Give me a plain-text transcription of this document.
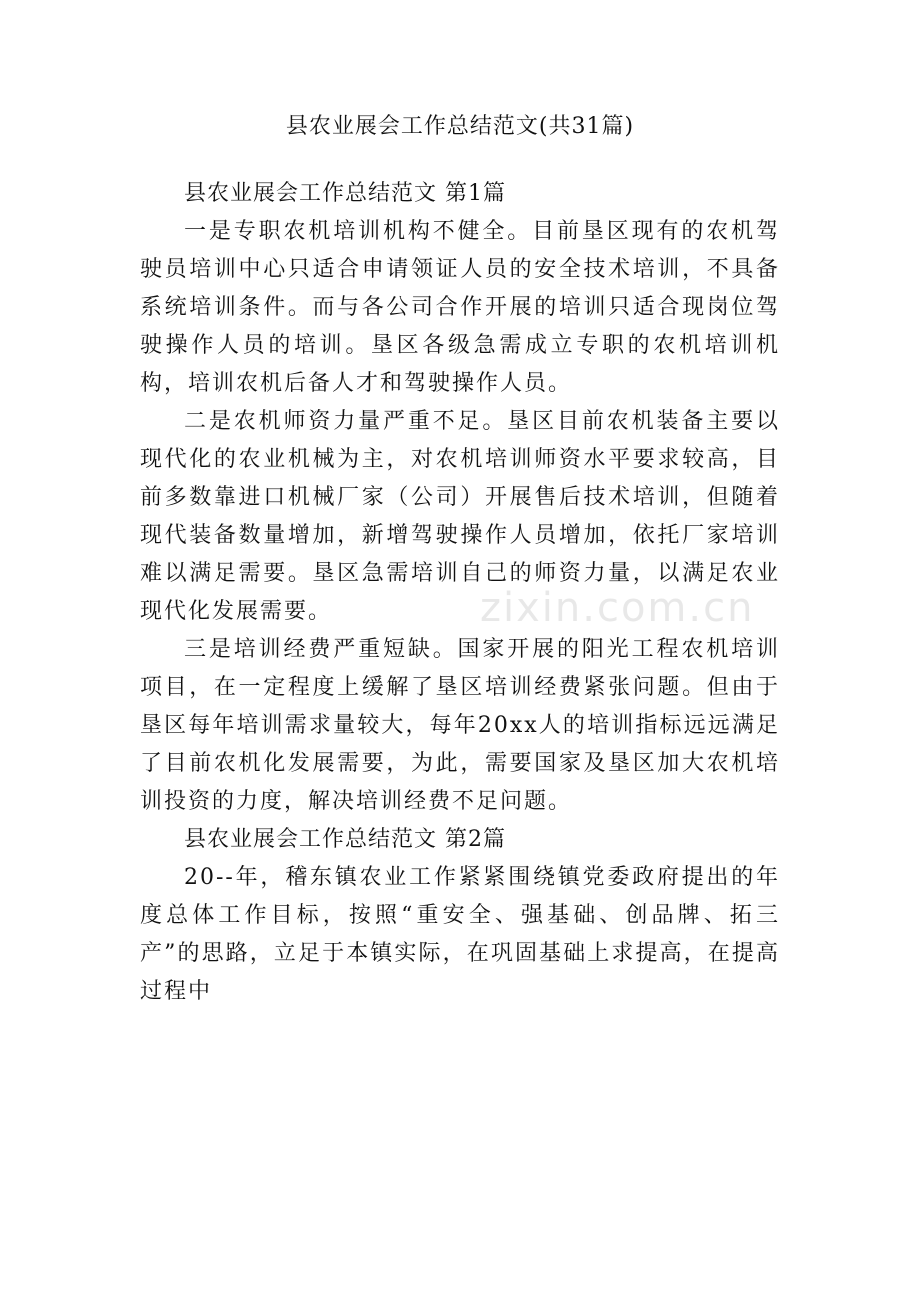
县农业展会工作总结范文(共31篇)

县农业展会工作总结范文 第1篇

一是专职农机培训机构不健全。目前垦区现有的农机驾驶员培训中心只适合申请领证人员的安全技术培训，不具备系统培训条件。而与各公司合作开展的培训只适合现岗位驾驶操作人员的培训。垦区各级急需成立专职的农机培训机构，培训农机后备人才和驾驶操作人员。

二是农机师资力量严重不足。垦区目前农机装备主要以现代化的农业机械为主，对农机培训师资水平要求较高，目前多数靠进口机械厂家（公司）开展售后技术培训，但随着现代装备数量增加，新增驾驶操作人员增加，依托厂家培训难以满足需要。垦区急需培训自己的师资力量，以满足农业现代化发展需要。

三是培训经费严重短缺。国家开展的阳光工程农机培训项目，在一定程度上缓解了垦区培训经费紧张问题。但由于垦区每年培训需求量较大，每年20xx人的培训指标远远满足了目前农机化发展需要，为此，需要国家及垦区加大农机培训投资的力度，解决培训经费不足问题。

县农业展会工作总结范文 第2篇

20--年，稽东镇农业工作紧紧围绕镇党委政府提出的年度总体工作目标，按照“重安全、强基础、创品牌、拓三产”的思路，立足于本镇实际，在巩固基础上求提高，在提高过程中

zixin.com.cn
